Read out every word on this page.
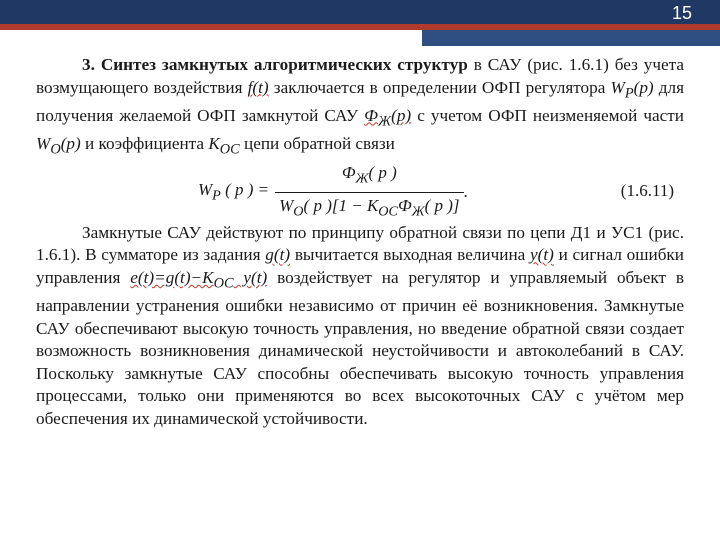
15
3. Синтез замкнутых алгоритмических структур в САУ (рис. 1.6.1) без учета возмущающего воздействия f(t) заключается в определении ОФП регулятора $W_P(p)$ для получения желаемой ОФП замкнутой САУ $Ф_Ж(p)$ с учетом ОФП неизменяемой части $W_O(p)$ и коэффициента $K_{OC}$ цепи обратной связи
$W_P$ ( p ) = $\frac{Ф_Ж( p )}{W_O( p )[1 - K_{OC}Ф_Ж( p )]}$ .	(1.6.11)
Замкнутые САУ действуют по принципу обратной связи по цепи Д1 и УС1 (рис. 1.6.1). В сумматоре из задания g(t) вычитается выходная величина y(t) и сигнал ошибки управления $e(t)=g(t)-K_{OC}$ y(t) воздействует на регулятор и управляемый объект в направлении устранения ошибки независимо от причин её возникновения. Замкнутые САУ обеспечивают высокую точность управления, но введение обратной связи создает возможность возникновения динамической неустойчивости и автоколебаний в САУ. Поскольку замкнутые САУ способны обеспечивать высокую точность управления процессами, только они применяются во всех высокоточных САУ с учётом мер обеспечения их динамической устойчивости.
